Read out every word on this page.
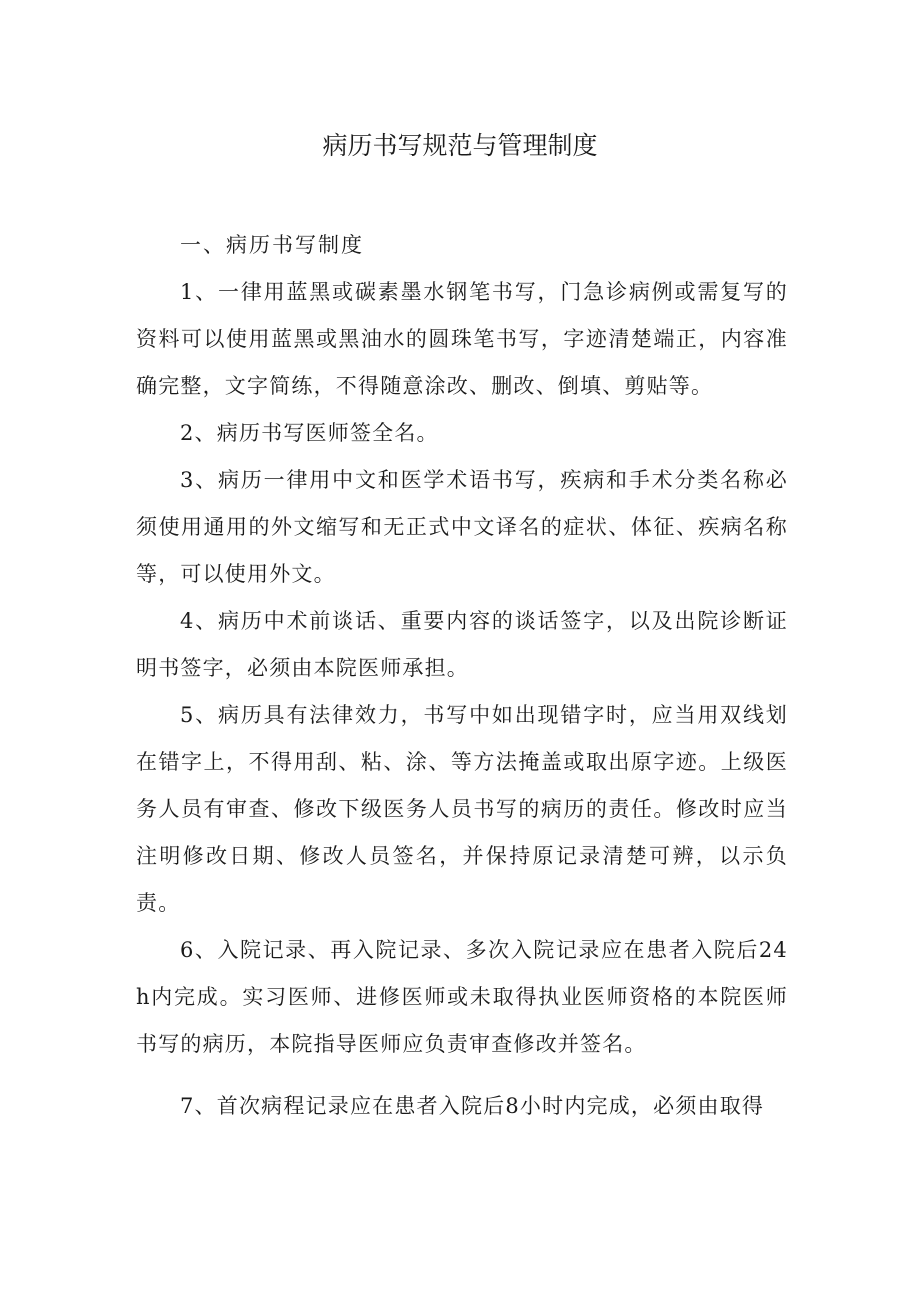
病历书写规范与管理制度

一、病历书写制度

1、一律用蓝黑或碳素墨水钢笔书写，门急诊病例或需复写的资料可以使用蓝黑或黑油水的圆珠笔书写，字迹清楚端正，内容准确完整，文字简练，不得随意涂改、删改、倒填、剪贴等。

2、病历书写医师签全名。

3、病历一律用中文和医学术语书写，疾病和手术分类名称必须使用通用的外文缩写和无正式中文译名的症状、体征、疾病名称等，可以使用外文。

4、病历中术前谈话、重要内容的谈话签字，以及出院诊断证明书签字，必须由本院医师承担。

5、病历具有法律效力，书写中如出现错字时，应当用双线划在错字上，不得用刮、粘、涂、等方法掩盖或取出原字迹。上级医务人员有审查、修改下级医务人员书写的病历的责任。修改时应当注明修改日期、修改人员签名，并保持原记录清楚可辨，以示负责。

6、入院记录、再入院记录、多次入院记录应在患者入院后24h内完成。实习医师、进修医师或未取得执业医师资格的本院医师书写的病历，本院指导医师应负责审查修改并签名。

7、首次病程记录应在患者入院后8小时内完成，必须由取得
